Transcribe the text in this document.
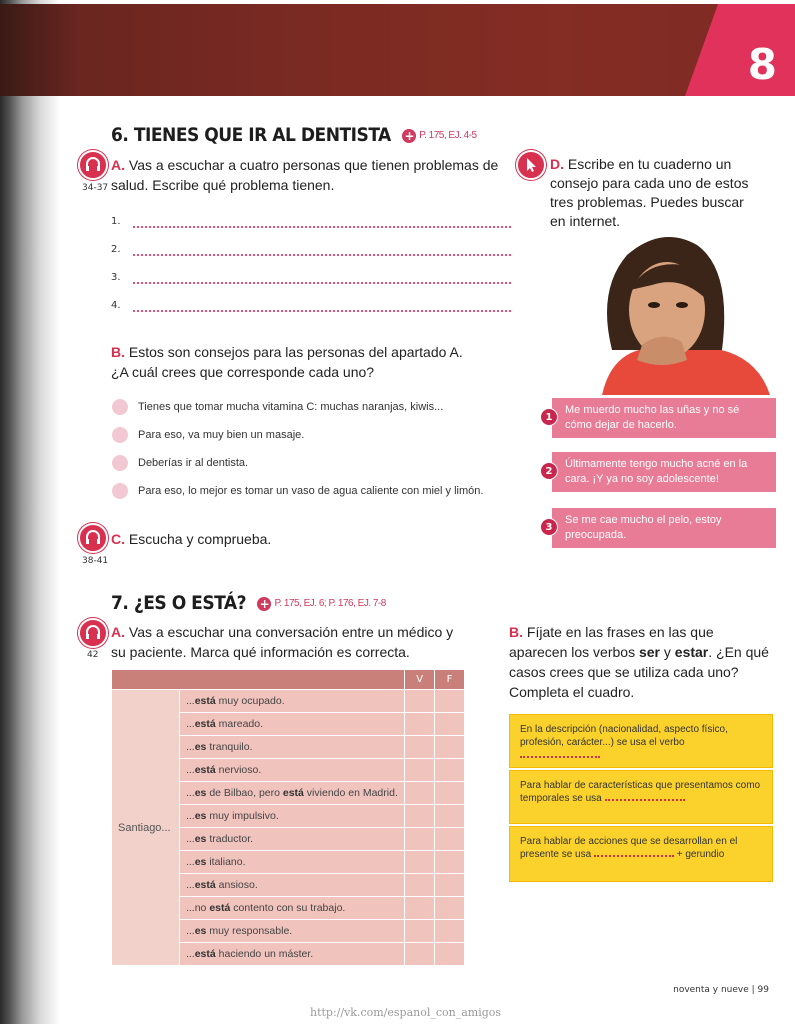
8
6. TIENES QUE IR AL DENTISTA + P. 175, EJ. 4-5
34-37
A. Vas a escuchar a cuatro personas que tienen problemas de
salud. Escribe qué problema tienen.
1.
2.
3.
4.
B. Estos son consejos para las personas del apartado A.
¿A cuál crees que corresponde cada uno?
Tienes que tomar mucha vitamina C: muchas naranjas, kiwis...
Para eso, va muy bien un masaje.
Deberías ir al dentista.
Para eso, lo mejor es tomar un vaso de agua caliente con miel y limón.
38-41
C. Escucha y comprueba.
D. Escribe en tu cuaderno un
consejo para cada uno de estos
tres problemas. Puedes buscar
en internet.
1
Me muerdo mucho las uñas y no sé cómo dejar de hacerlo.
2
Últimamente tengo mucho acné en la cara. ¡Y ya no soy adolescente!
3
Se me cae mucho el pelo, estoy preocupada.
7. ¿ES O ESTÁ? + P. 175, EJ. 6; P. 176, EJ. 7-8
42
A. Vas a escuchar una conversación entre un médico y
su paciente. Marca qué información es correcta.
		V	F
Santiago...	...está muy ocupado.		
	...está mareado.		
	...es tranquilo.		
	...está nervioso.		
	...es de Bilbao, pero está viviendo en Madrid.		
	...es muy impulsivo.		
	...es traductor.		
	...es italiano.		
	...está ansioso.		
	...no está contento con su trabajo.		
	...es muy responsable.		
	...está haciendo un máster.		
B. Fíjate en las frases en las que
aparecen los verbos ser y estar. ¿En qué
casos crees que se utiliza cada uno?
Completa el cuadro.
En la descripción (nacionalidad, aspecto físico, profesión, carácter...) se usa el verbo
Para hablar de características que presentamos como temporales se usa
Para hablar de acciones que se desarrollan en el presente se usa	+ gerundio
noventa y nueve | 99
http://vk.com/espanol_con_amigos
